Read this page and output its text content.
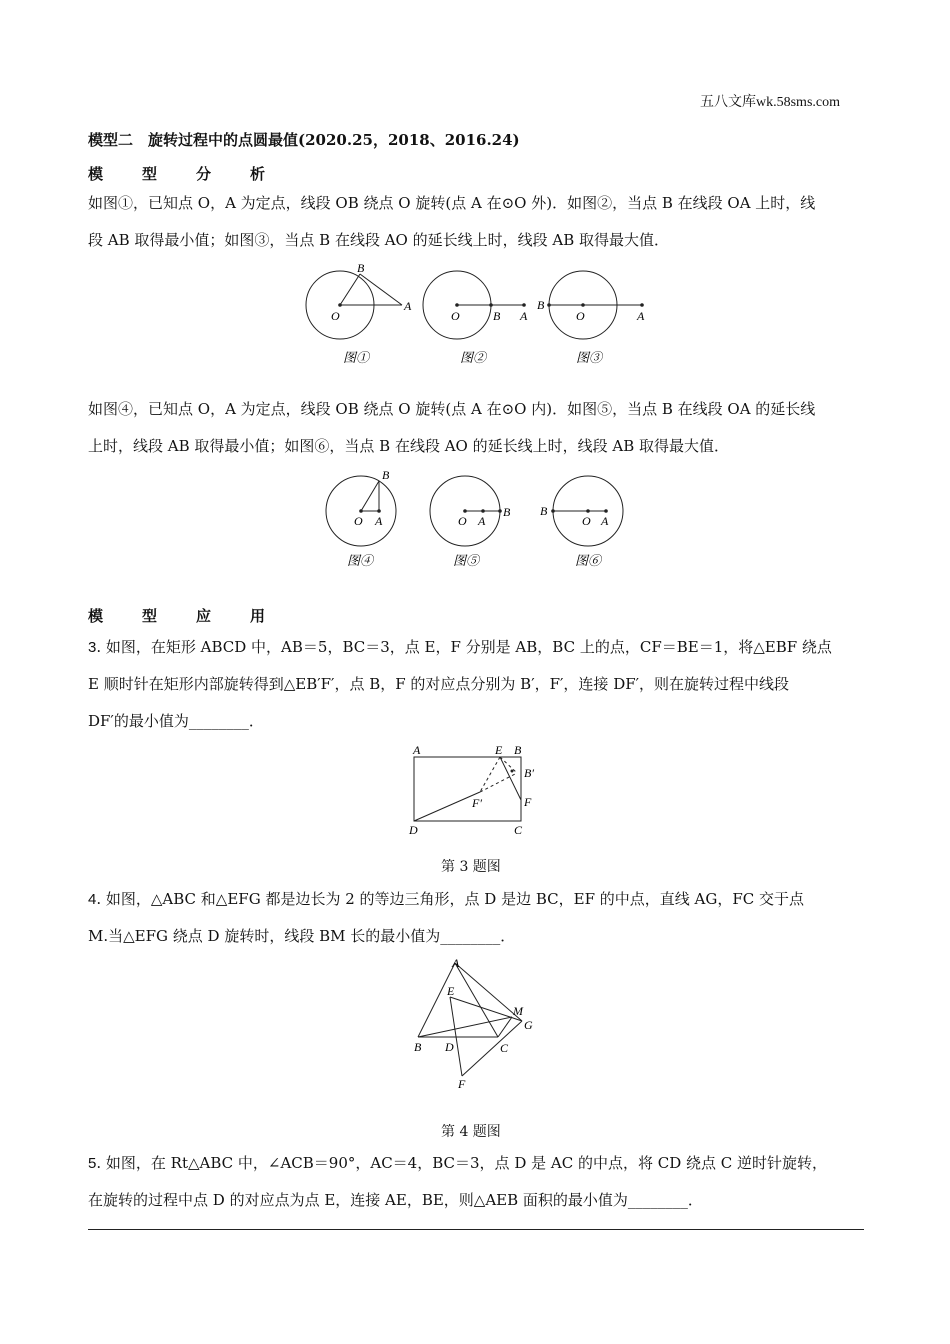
五八文库wk.58sms.com
模型二　旋转过程中的点圆最值(2020.25，2018、2016.24)
模	型	分	析
如图①，已知点 O，A 为定点，线段 OB 绕点 O 旋转(点 A 在⊙O 外)．如图②，当点 B 在线段 OA 上时，线
段 AB 取得最小值；如图③，当点 B 在线段 AO 的延长线上时，线段 AB 取得最大值．
B
O
A
图①
O	B A
图②
B
O	A
图③
如图④，已知点 O，A 为定点，线段 OB 绕点 O 旋转(点 A 在⊙O 内)．如图⑤，当点 B 在线段 OA 的延长线
上时，线段 AB 取得最小值；如图⑥，当点 B 在线段 AO 的延长线上时，线段 AB 取得最大值．
B
O A
图④
O A
B
图⑤
B
O A
图⑥
模	型	应	用
3. 如图，在矩形 ABCD 中，AB＝5，BC＝3，点 E，F 分别是 AB，BC 上的点，CF＝BE＝1，将△EBF 绕点
E 顺时针在矩形内部旋转得到△EB′F′，点 B，F 的对应点分别为 B′，F′，连接 DF′，则在旋转过程中线段
DF′的最小值为________．
A	E B
B′
F
F′
D	C
第 3 题图
4. 如图，△ABC 和△EFG 都是边长为 2 的等边三角形，点 D 是边 BC，EF 的中点，直线 AG，FC 交于点
M.当△EFG 绕点 D 旋转时，线段 BM 长的最小值为________．
A
E
M
G
B D	C
F
第 4 题图
5. 如图，在 Rt△ABC 中，∠ACB＝90°，AC＝4，BC＝3，点 D 是 AC 的中点，将 CD 绕点 C 逆时针旋转，
在旋转的过程中点 D 的对应点为点 E，连接 AE，BE，则△AEB 面积的最小值为________．
